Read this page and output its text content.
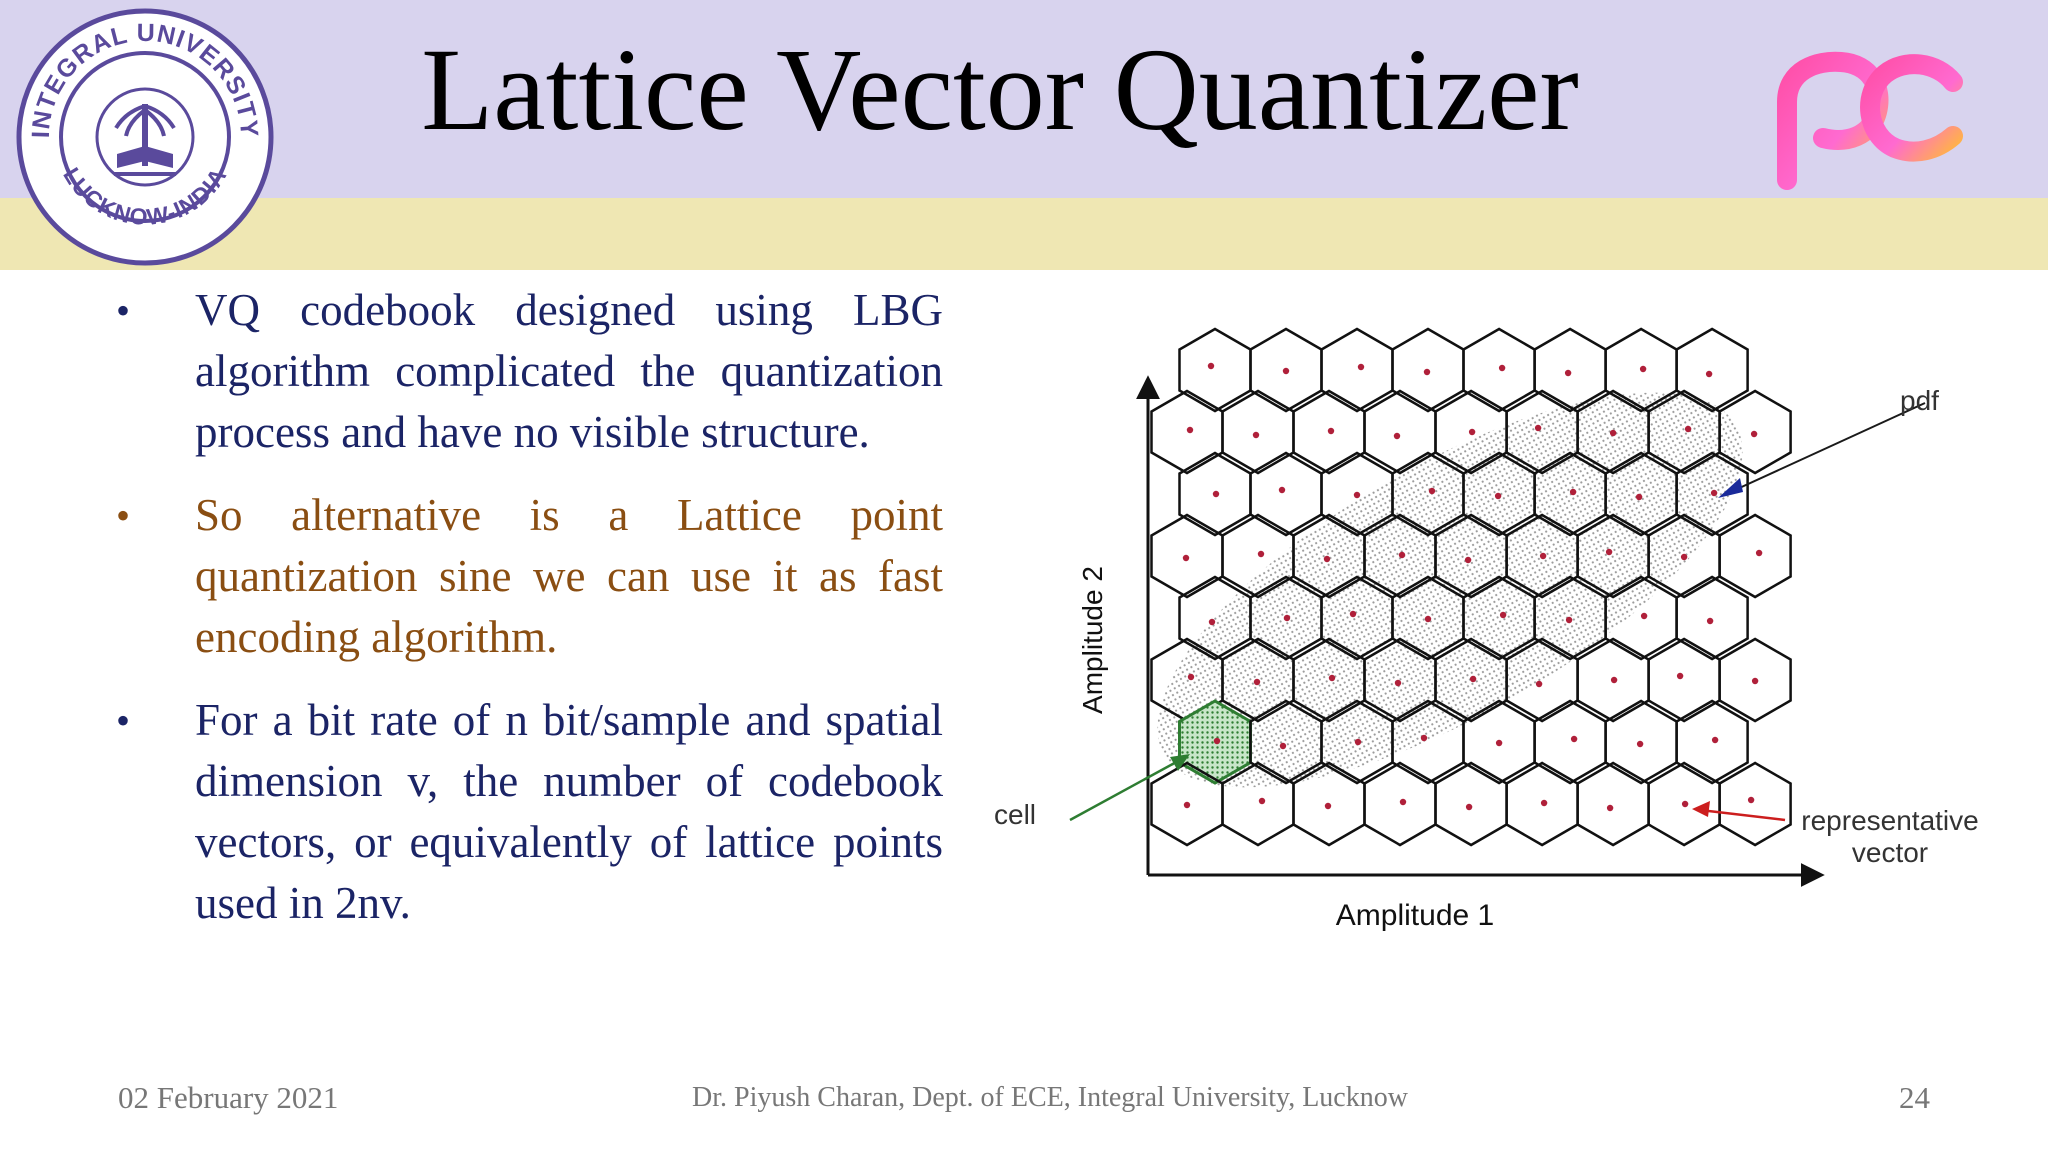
INTEGRAL UNIVERSITY
LUCKNOW-INDIA
Lattice Vector Quantizer
•	VQ codebook designed using LBG algorithm complicated the quantization process and have no visible structure.
•	So alternative is a Lattice point quantization sine we can use it as fast encoding algorithm.
•	For a bit rate of n bit/sample and spatial dimension v, the number of codebook vectors, or equivalently of lattice points used in 2nv.
Amplitude 2
Amplitude 1
pdf
cell	representative
vector
02 February 2021	Dr. Piyush Charan, Dept. of ECE, Integral University, Lucknow	24
